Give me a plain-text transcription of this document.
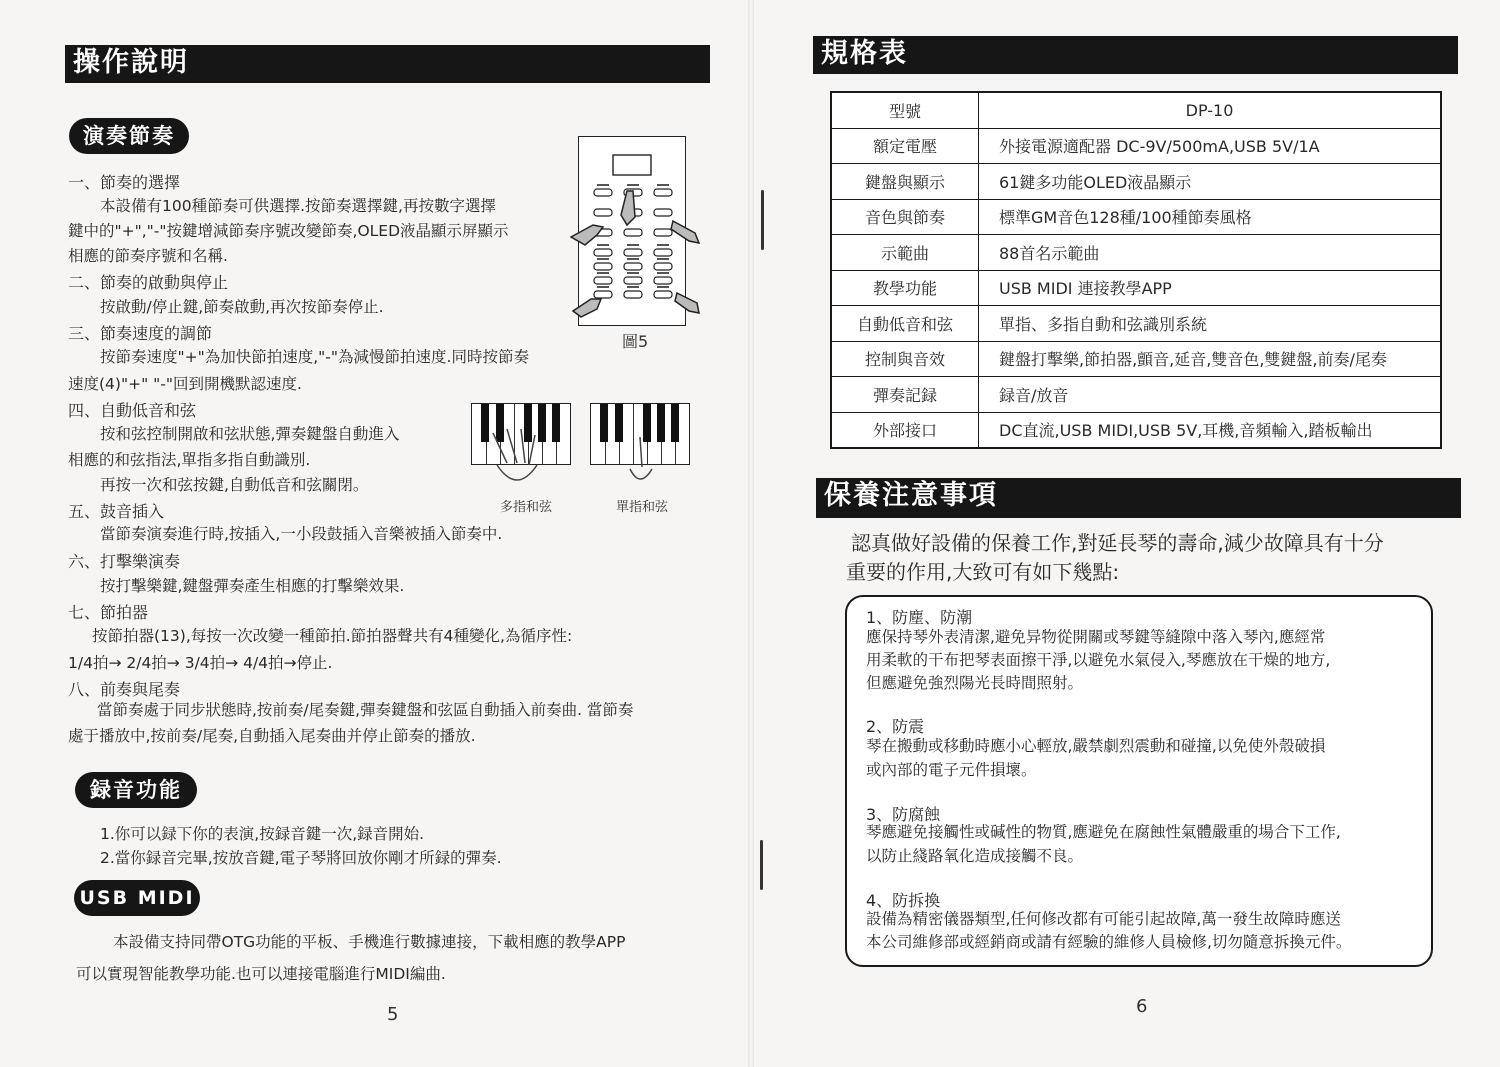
操作說明
演奏節奏
一、節奏的選擇
本設備有100種節奏可供選擇.按節奏選擇鍵,再按數字選擇
鍵中的"+","-"按鍵增減節奏序號改變節奏,OLED液晶顯示屏顯示
相應的節奏序號和名稱.
二、節奏的啟動與停止
按啟動/停止鍵,節奏啟動,再次按節奏停止.
三、節奏速度的調節
按節奏速度"+"為加快節拍速度,"-"為減慢節拍速度.同時按節奏
速度(4)"+" "-"回到開機默認速度.
四、自動低音和弦
按和弦控制開啟和弦狀態,彈奏鍵盤自動進入
相應的和弦指法,單指多指自動識別.
再按一次和弦按鍵,自動低音和弦關閉。
五、鼓音插入
當節奏演奏進行時,按插入,一小段鼓插入音樂被插入節奏中.
六、打擊樂演奏
按打擊樂鍵,鍵盤彈奏產生相應的打擊樂效果.
七、節拍器
按節拍器(13),每按一次改變一種節拍.節拍器聲共有4種變化,為循序性:
1/4拍→ 2/4拍→ 3/4拍→ 4/4拍→停止.
八、前奏與尾奏
當節奏處于同步狀態時,按前奏/尾奏鍵,彈奏鍵盤和弦區自動插入前奏曲. 當節奏
處于播放中,按前奏/尾奏,自動插入尾奏曲并停止節奏的播放.
圖5
多指和弦	單指和弦
録音功能
1.你可以録下你的表演,按録音鍵一次,録音開始.
2.當你録音完畢,按放音鍵,電子琴將回放你剛才所録的彈奏.
USB MIDI
本設備支持同帶OTG功能的平板、手機進行數據連接，下載相應的教學APP
可以實現智能教學功能.也可以連接電腦進行MIDI編曲.
5
規格表
型號	DP-10
額定電壓	外接電源適配器 DC-9V/500mA,USB 5V/1A
鍵盤與顯示	61鍵多功能OLED液晶顯示
音色與節奏	標準GM音色128種/100種節奏風格
示範曲	88首名示範曲
教學功能	USB MIDI 連接教學APP
自動低音和弦	單指、多指自動和弦識別系統
控制與音效	鍵盤打擊樂,節拍器,顫音,延音,雙音色,雙鍵盤,前奏/尾奏
彈奏記録	録音/放音
外部接口	DC直流,USB MIDI,USB 5V,耳機,音頻輸入,踏板輸出
保養注意事項
認真做好設備的保養工作,對延長琴的壽命,減少故障具有十分
重要的作用,大致可有如下幾點:
1、防塵、防潮
應保持琴外表清潔,避免异物從開關或琴鍵等縫隙中落入琴內,應經常
用柔軟的干布把琴表面擦干淨,以避免水氣侵入,琴應放在干燥的地方,
但應避免強烈陽光長時間照射。
2、防震
琴在搬動或移動時應小心輕放,嚴禁劇烈震動和碰撞,以免使外殼破損
或內部的電子元件損壞。
3、防腐蝕
琴應避免接觸性或碱性的物質,應避免在腐蝕性氣體嚴重的場合下工作,
以防止綫路氧化造成接觸不良。
4、防拆換
設備為精密儀器類型,任何修改都有可能引起故障,萬一發生故障時應送
本公司維修部或經銷商或請有經驗的維修人員檢修,切勿隨意拆換元件。
6
